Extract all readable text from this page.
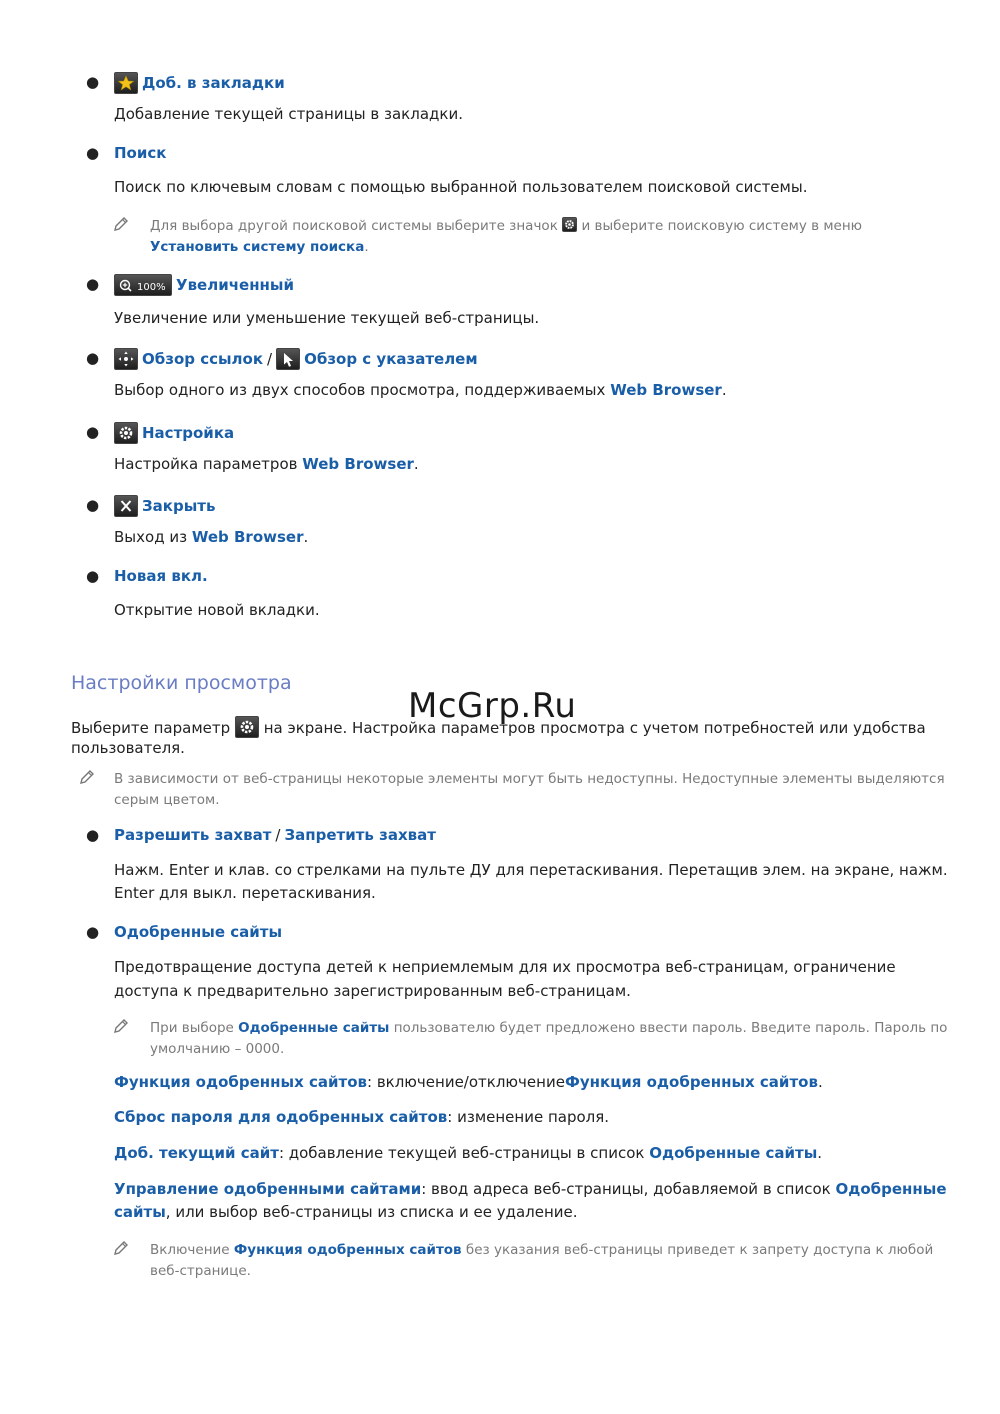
●	Доб. в закладки
Добавление текущей страницы в закладки.
● Поиск
Поиск по ключевым словам с помощью выбранной пользователем поисковой системы.
Для выбора другой поисковой системы выберите значок и выберите поисковую систему в меню
Установить систему поиска.
●	100% Увеличенный
Увеличение или уменьшение текущей веб-страницы.
●	Обзор ссылок / Обзор с указателем
Выбор одного из двух способов просмотра, поддерживаемых Web Browser.
●	Настройка
Настройка параметров Web Browser.
●	Закрыть
Выход из Web Browser.
● Новая вкл.
Открытие новой вкладки.
Настройки просмотра
McGrp.Ru
Выберите параметр на экране. Настройка параметров просмотра с учетом потребностей или удобства
пользователя.
В зависимости от веб-страницы некоторые элементы могут быть недоступны. Недоступные элементы выделяются
серым цветом.
● Разрешить захват / Запретить захват
Нажм. Enter и клав. со стрелками на пульте ДУ для перетаскивания. Перетащив элем. на экране, нажм.
Enter для выкл. перетаскивания.
● Одобренные сайты
Предотвращение доступа детей к неприемлемым для их просмотра веб-страницам, ограничение
доступа к предварительно зарегистрированным веб-страницам.
При выборе Одобренные сайты пользователю будет предложено ввести пароль. Введите пароль. Пароль по
умолчанию – 0000.
Функция одобренных сайтов: включение/отключениеФункция одобренных сайтов.
Сброс пароля для одобренных сайтов: изменение пароля.
Доб. текущий сайт: добавление текущей веб-страницы в список Одобренные сайты.
Управление одобренными сайтами: ввод адреса веб-страницы, добавляемой в список Одобренные
сайты, или выбор веб-страницы из списка и ее удаление.
Включение Функция одобренных сайтов без указания веб-страницы приведет к запрету доступа к любой
веб-странице.
